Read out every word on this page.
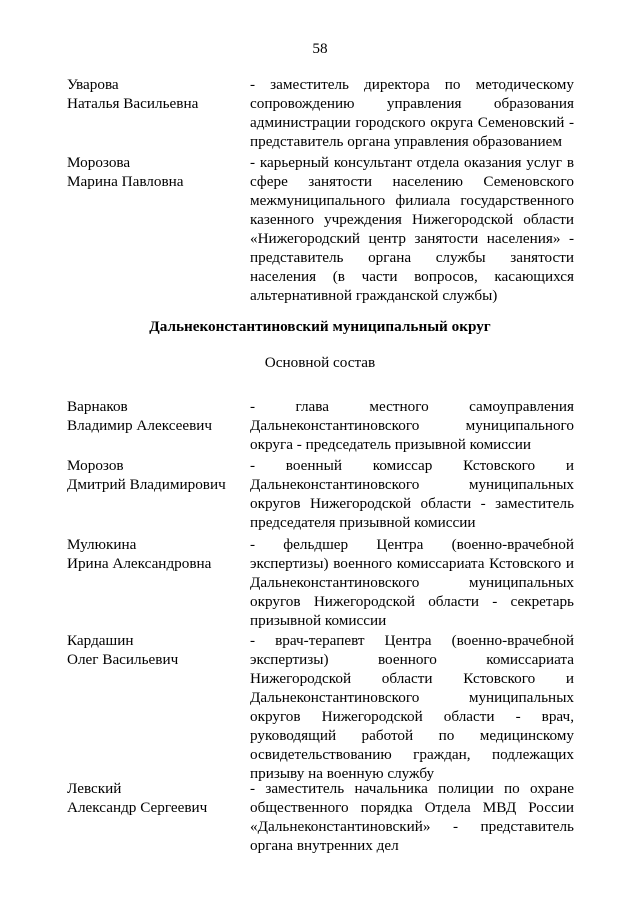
58
Уварова
Наталья Васильевна
- заместитель директора по методическому сопровождению управления образования администрации городского округа Семеновский - представитель органа управления образованием
Морозова
Марина Павловна
- карьерный консультант отдела оказания услуг в сфере занятости населению Семеновского межмуниципального филиала государственного казенного учреждения Нижегородской области «Нижегородский центр занятости населения» - представитель органа службы занятости населения (в части вопросов, касающихся альтернативной гражданской службы)
Дальнеконстантиновский муниципальный округ
Основной состав
Варнаков
Владимир Алексеевич
- глава местного самоуправления Дальнеконстантиновского муниципального округа - председатель призывной комиссии
Морозов
Дмитрий Владимирович
- военный комиссар Кстовского и Дальнеконстантиновского муниципальных округов Нижегородской области - заместитель председателя призывной комиссии
Мулюкина
Ирина Александровна
- фельдшер Центра (военно-врачебной экспертизы) военного комиссариата Кстовского и Дальнеконстантиновского муниципальных округов Нижегородской области - секретарь призывной комиссии
Кардашин
Олег Васильевич
- врач-терапевт Центра (военно-врачебной экспертизы) военного комиссариата Нижегородской области Кстовского и Дальнеконстантиновского муниципальных округов Нижегородской области - врач, руководящий работой по медицинскому освидетельствованию граждан, подлежащих призыву на военную службу
Левский
Александр Сергеевич
- заместитель начальника полиции по охране общественного порядка Отдела МВД России «Дальнеконстантиновский» - представитель органа внутренних дел
